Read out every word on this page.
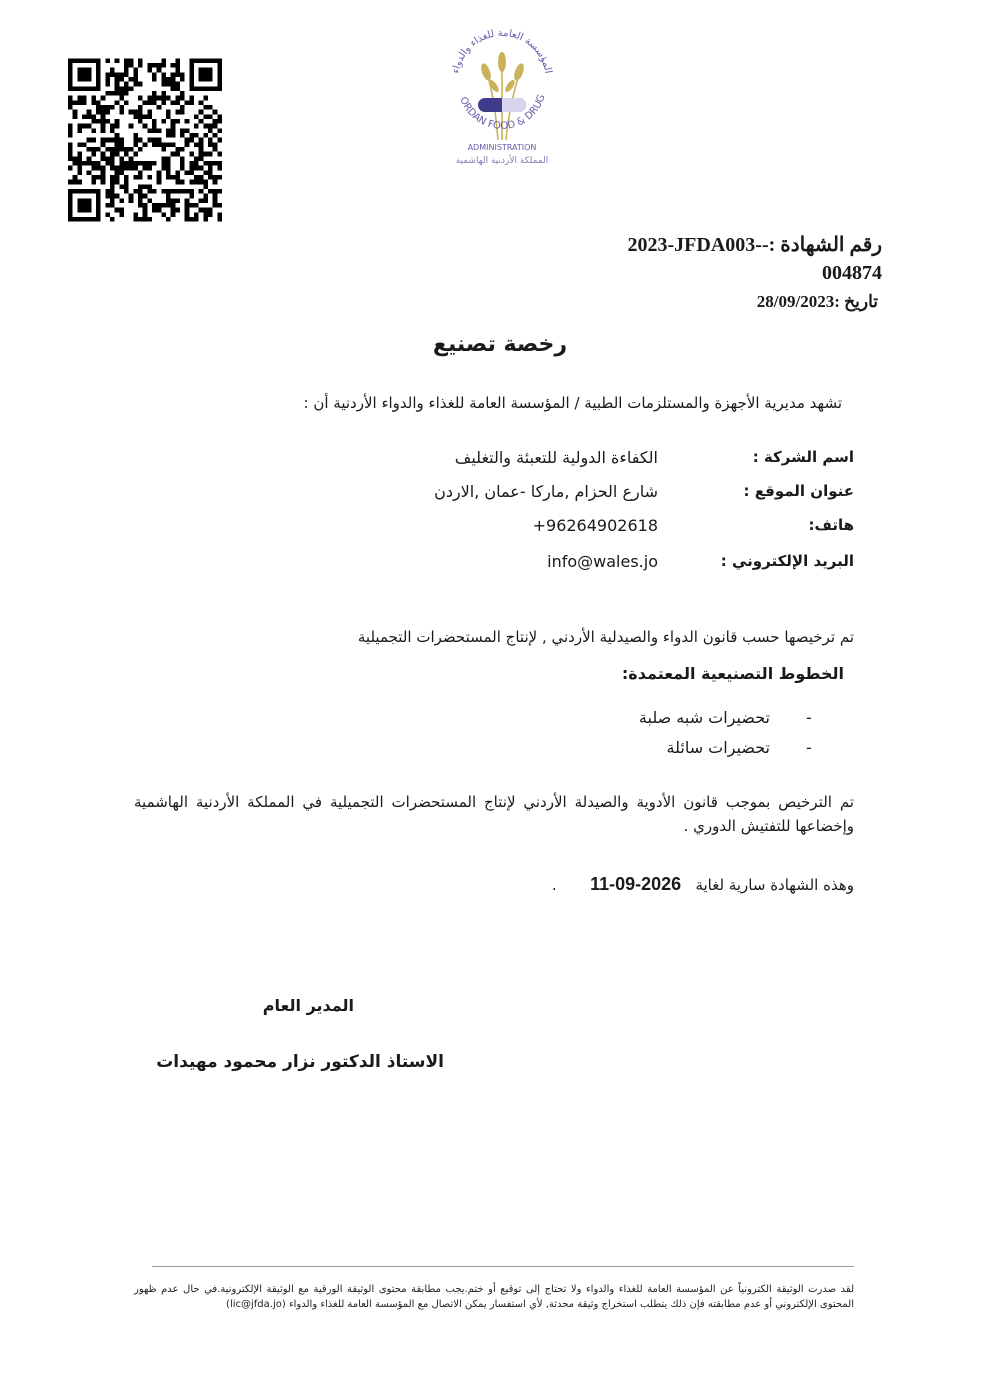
المؤسسة العامة للغذاء والدواء
ORDAN FOOD & DRUG
ADMINISTRATION
المملكة الأردنية الهاشمية
2023-JFDA003-رقم الشهادة :-
004874
28/09/2023تاريخ :
رخصة تصنيع
تشهد مديرية الأجهزة والمستلزمات الطبية / المؤسسة العامة للغذاء والدواء الأردنية أن :
اسم الشركة :
الكفاءة الدولية للتعبئة والتغليف
عنوان الموقع :
شارع الحزام ,ماركا -عمان ,الاردن
هاتف:
+96264902618
البريد الإلكتروني :
info@wales.jo
تم ترخيصها حسب قانون الدواء والصيدلية الأردني , لإنتاج المستحضرات التجميلية
الخطوط التصنيعية المعتمدة:
-
تحضيرات شبه صلبة
-
تحضيرات سائلة
تم الترخيص بموجب قانون الأدوية والصيدلة الأردني لإنتاج المستحضرات التجميلية في المملكة الأردنية الهاشمية وإخضاعها للتفتيش الدوري .
وهذه الشهادة سارية لغاية   11-09-2026       .
المدير العام
الاستاذ الدكتور نزار محمود مهيدات
لقد صدرت الوثيقة الكترونياً عن المؤسسة العامة للغذاء والدواء ولا تحتاج إلى توقيع أو ختم.يجب مطابقة محتوى الوثيقة الورقية مع الوثيقة الإلكترونية.في حال عدم ظهور المحتوى الإلكتروني أو عدم مطابقته فإن ذلك يتطلب استخراج وثيقة محدثة, لأي استفسار يمكن الاتصال مع المؤسسة العامة للغذاء والدواء (lic@jfda.jo)
